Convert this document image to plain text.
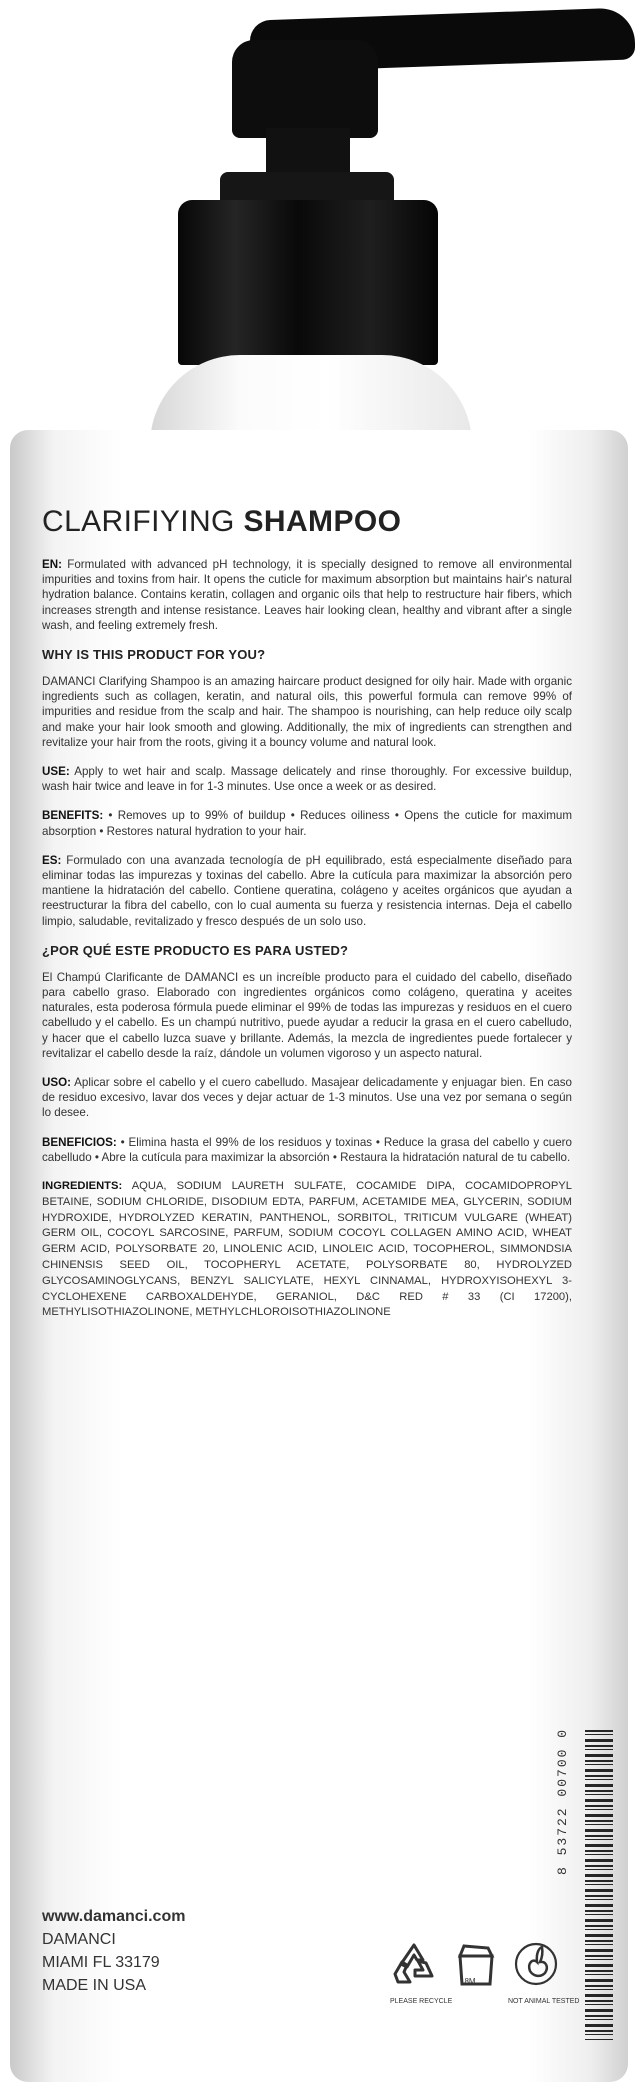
CLARIFIYING SHAMPOO

EN: Formulated with advanced pH technology, it is specially designed to remove all environmental impurities and toxins from hair. It opens the cuticle for maximum absorption but maintains hair's natural hydration balance. Contains keratin, collagen and organic oils that help to restructure hair fibers, which increases strength and intense resistance. Leaves hair looking clean, healthy and vibrant after a single wash, and feeling extremely fresh.

WHY IS THIS PRODUCT FOR YOU?

DAMANCI Clarifying Shampoo is an amazing haircare product designed for oily hair. Made with organic ingredients such as collagen, keratin, and natural oils, this powerful formula can remove 99% of impurities and residue from the scalp and hair. The shampoo is nourishing, can help reduce oily scalp and make your hair look smooth and glowing. Additionally, the mix of ingredients can strengthen and revitalize your hair from the roots, giving it a bouncy volume and natural look.

USE: Apply to wet hair and scalp. Massage delicately and rinse thoroughly. For excessive buildup, wash hair twice and leave in for 1-3 minutes. Use once a week or as desired.

BENEFITS: • Removes up to 99% of buildup • Reduces oiliness • Opens the cuticle for maximum absorption • Restores natural hydration to your hair.

ES: Formulado con una avanzada tecnología de pH equilibrado, está especialmente diseñado para eliminar todas las impurezas y toxinas del cabello. Abre la cutícula para maximizar la absorción pero mantiene la hidratación del cabello. Contiene queratina, colágeno y aceites orgánicos que ayudan a reestructurar la fibra del cabello, con lo cual aumenta su fuerza y resistencia internas. Deja el cabello limpio, saludable, revitalizado y fresco después de un solo uso.

¿POR QUÉ ESTE PRODUCTO ES PARA USTED?

El Champú Clarificante de DAMANCI es un increíble producto para el cuidado del cabello, diseñado para cabello graso. Elaborado con ingredientes orgánicos como colágeno, queratina y aceites naturales, esta poderosa fórmula puede eliminar el 99% de todas las impurezas y residuos en el cuero cabelludo y el cabello. Es un champú nutritivo, puede ayudar a reducir la grasa en el cuero cabelludo, y hacer que el cabello luzca suave y brillante. Además, la mezcla de ingredientes puede fortalecer y revitalizar el cabello desde la raíz, dándole un volumen vigoroso y un aspecto natural.

USO: Aplicar sobre el cabello y el cuero cabelludo. Masajear delicadamente y enjuagar bien. En caso de residuo excesivo, lavar dos veces y dejar actuar de 1-3 minutos. Use una vez por semana o según lo desee.

BENEFICIOS: • Elimina hasta el 99% de los residuos y toxinas • Reduce la grasa del cabello y cuero cabelludo • Abre la cutícula para maximizar la absorción • Restaura la hidratación natural de tu cabello.

INGREDIENTS: AQUA, SODIUM LAURETH SULFATE, COCAMIDE DIPA, COCAMIDOPROPYL BETAINE, SODIUM CHLORIDE, DISODIUM EDTA, PARFUM, ACETAMIDE MEA, GLYCERIN, SODIUM HYDROXIDE, HYDROLYZED KERATIN, PANTHENOL, SORBITOL, TRITICUM VULGARE (WHEAT) GERM OIL, COCOYL SARCOSINE, PARFUM, SODIUM COCOYL COLLAGEN AMINO ACID, WHEAT GERM ACID, POLYSORBATE 20, LINOLENIC ACID, LINOLEIC ACID, TOCOPHEROL, SIMMONDSIA CHINENSIS SEED OIL, TOCOPHERYL ACETATE, POLYSORBATE 80, HYDROLYZED GLYCOSAMINOGLYCANS, BENZYL SALICYLATE, HEXYL CINNAMAL, HYDROXYISOHEXYL 3-CYCLOHEXENE CARBOXALDEHYDE, GERANIOL, D&C RED # 33 (CI 17200), METHYLISOTHIAZOLINONE, METHYLCHLOROISOTHIAZOLINONE

www.damanci.com
DAMANCI
MIAMI FL 33179
MADE IN USA
PLEASE RECYCLE
18M
NOT ANIMAL TESTED
8 53722 00700 0
